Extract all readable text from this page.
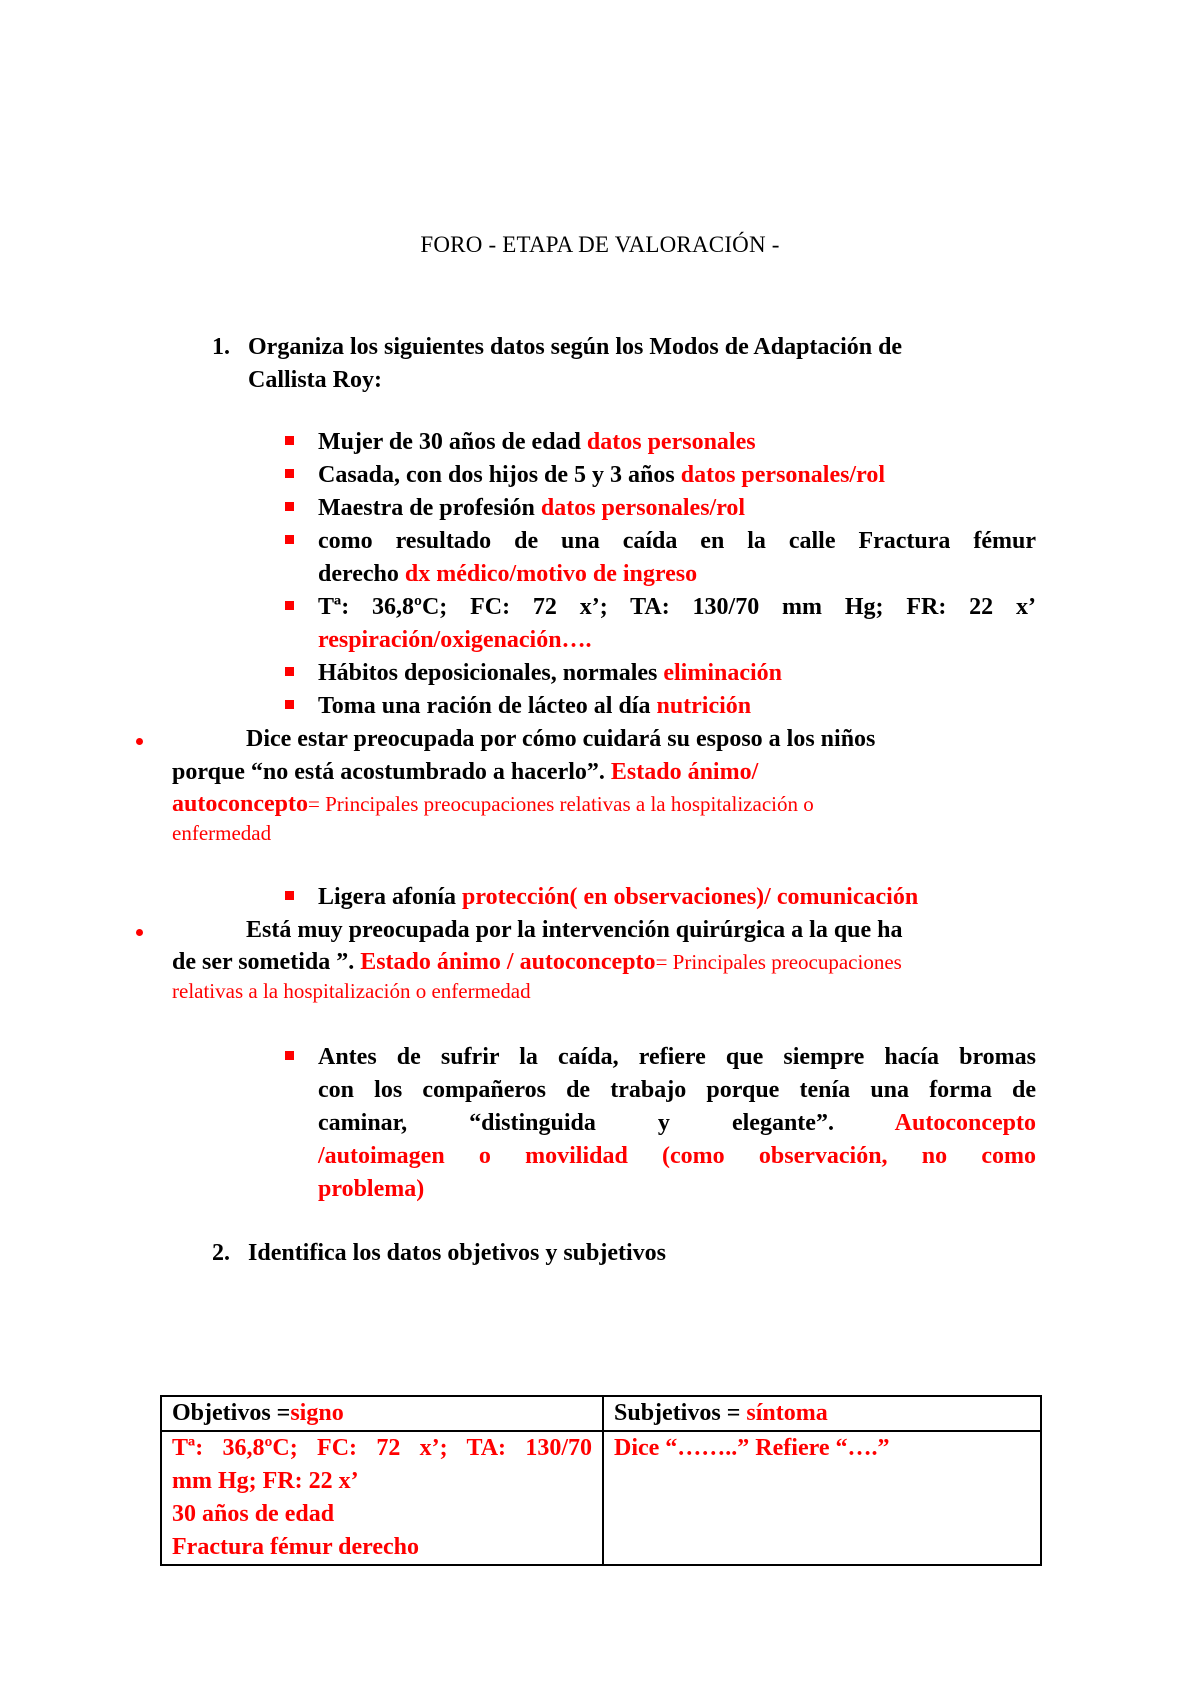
FORO - ETAPA DE VALORACIÓN -
1. Organiza los siguientes datos según los Modos de Adaptación de
Callista Roy:
Mujer de 30 años de edad datos personales
Casada, con dos hijos de 5 y 3 años datos personales/rol
Maestra de profesión datos personales/rol
como resultado de una caída en la calle Fractura fémur
derecho dx médico/motivo de ingreso
Tª: 36,8ºC; FC: 72 x’; TA: 130/70 mm Hg; FR: 22 x’
respiración/oxigenación….
Hábitos deposicionales, normales eliminación
Toma una ración de lácteo al día nutrición
Dice estar preocupada por cómo cuidará su esposo a los niños
porque “no está acostumbrado a hacerlo”. Estado ánimo/
autoconcepto= Principales preocupaciones relativas a la hospitalización o
enfermedad
Ligera afonía protección( en observaciones)/ comunicación
Está muy preocupada por la intervención quirúrgica a la que ha
de ser sometida ”. Estado ánimo / autoconcepto= Principales preocupaciones
relativas a la hospitalización o enfermedad
Antes de sufrir la caída, refiere que siempre hacía bromas
con los compañeros de trabajo porque tenía una forma de
caminar, “distinguida y elegante”. Autoconcepto
/autoimagen o movilidad (como observación, no como
problema)
2. Identifica los datos objetivos y subjetivos
Objetivos =signo	Subjetivos = síntoma

Tª: 36,8ºC; FC: 72 x’; TA: 130/70
mm Hg; FR: 22 x’
30 años de edad
Fractura fémur derecho	Dice “……..” Refiere “….”
